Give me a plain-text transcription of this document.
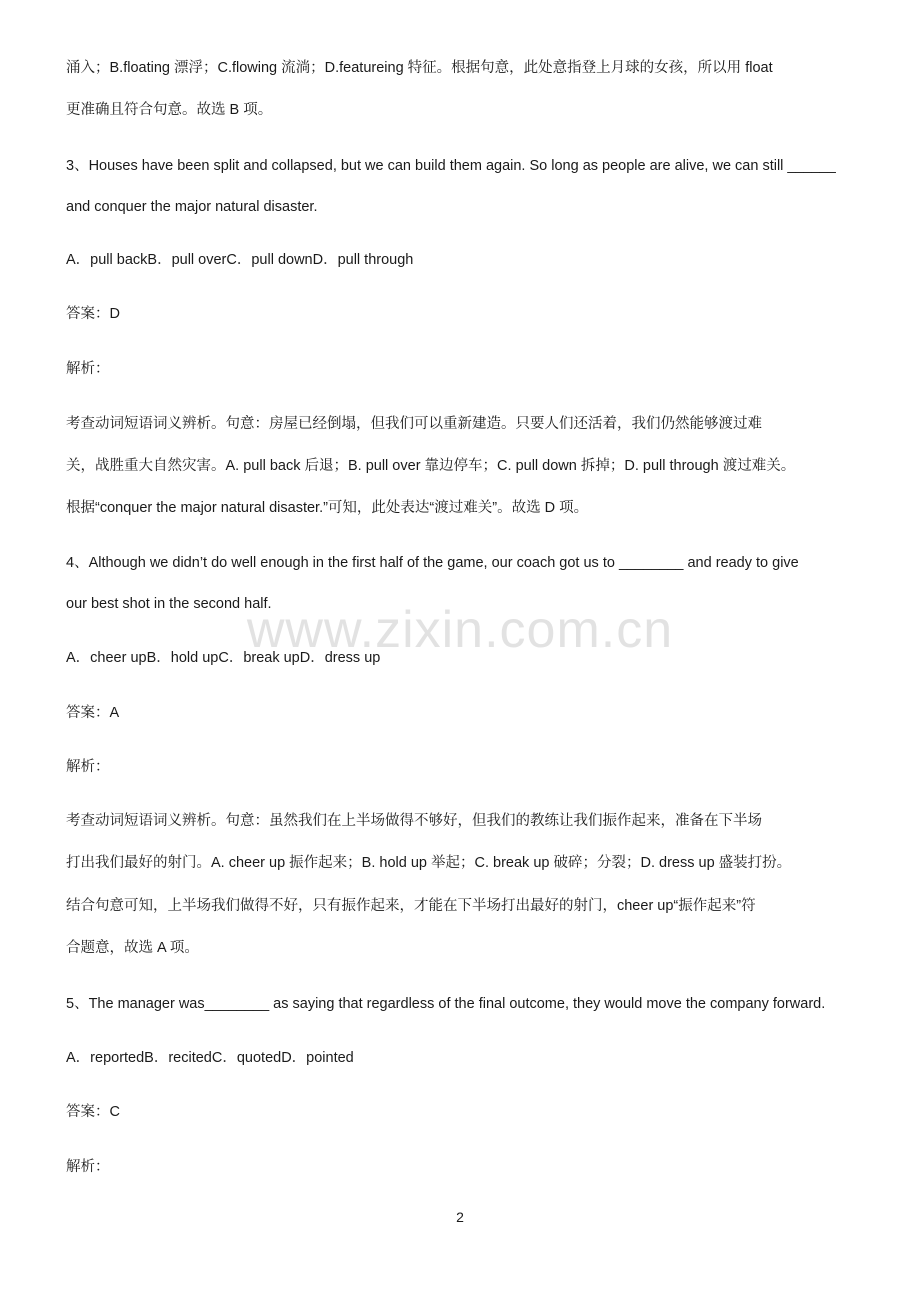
涌入；B.floating 漂浮；C.flowing 流淌；D.featureing 特征。根据句意，此处意指登上月球的女孩，所以用 float
更准确且符合句意。故选 B 项。
3、Houses have been split and collapsed, but we can build them again. So long as people are alive, we can still ______
and conquer the major natural disaster.
A．pull backB．pull overC．pull downD．pull through
答案：D
解析：
考查动词短语词义辨析。句意：房屋已经倒塌，但我们可以重新建造。只要人们还活着，我们仍然能够渡过难
关，战胜重大自然灾害。A. pull back 后退；B. pull over 靠边停车；C. pull down 拆掉；D. pull through 渡过难关。
根据“conquer the major natural disaster.”可知，此处表达“渡过难关”。故选 D 项。
4、Although we didn’t do well enough in the first half of the game, our coach got us to ________ and ready to give
our best shot in the second half.
A．cheer upB．hold upC．break upD．dress up
答案：A
解析：
考查动词短语词义辨析。句意：虽然我们在上半场做得不够好，但我们的教练让我们振作起来，准备在下半场
打出我们最好的射门。A. cheer up 振作起来；B. hold up 举起；C. break up 破碎；分裂；D. dress up 盛装打扮。
结合句意可知，上半场我们做得不好，只有振作起来，才能在下半场打出最好的射门，cheer up“振作起来”符
合题意，故选 A 项。
5、The manager was________ as saying that regardless of the final outcome, they would move the company forward.
A．reportedB．recitedC．quotedD．pointed
答案：C
解析：
www.zixin.com.cn
2
